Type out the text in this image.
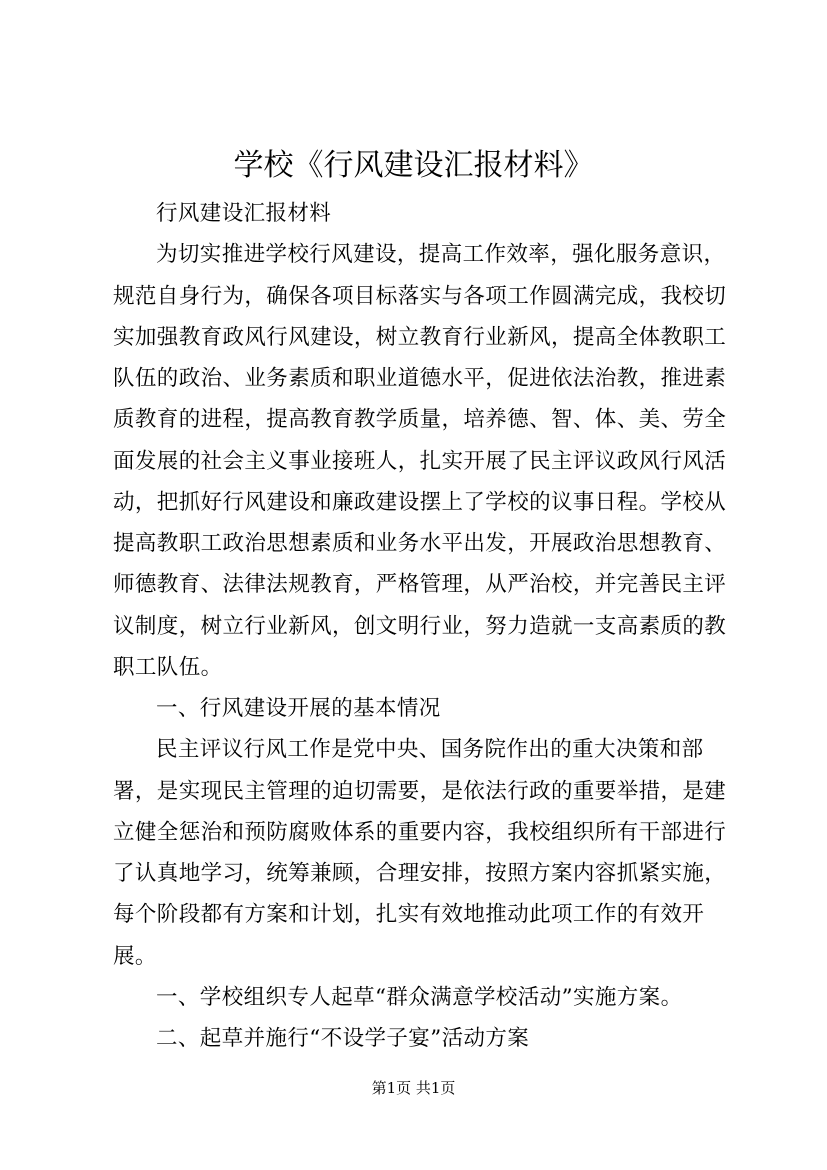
学校《行风建设汇报材料》

行风建设汇报材料

为切实推进学校行风建设，提高工作效率，强化服务意识，规范自身行为，确保各项目标落实与各项工作圆满完成，我校切实加强教育政风行风建设，树立教育行业新风，提高全体教职工队伍的政治、业务素质和职业道德水平，促进依法治教，推进素质教育的进程，提高教育教学质量，培养德、智、体、美、劳全面发展的社会主义事业接班人，扎实开展了民主评议政风行风活动，把抓好行风建设和廉政建设摆上了学校的议事日程。学校从提高教职工政治思想素质和业务水平出发，开展政治思想教育、师德教育、法律法规教育，严格管理，从严治校，并完善民主评议制度，树立行业新风，创文明行业，努力造就一支高素质的教职工队伍。

一、行风建设开展的基本情况

民主评议行风工作是党中央、国务院作出的重大决策和部署，是实现民主管理的迫切需要，是依法行政的重要举措，是建立健全惩治和预防腐败体系的重要内容，我校组织所有干部进行了认真地学习，统筹兼顾，合理安排，按照方案内容抓紧实施，每个阶段都有方案和计划，扎实有效地推动此项工作的有效开展。

一、学校组织专人起草“群众满意学校活动”实施方案。

二、起草并施行“不设学子宴”活动方案

第1页 共1页
